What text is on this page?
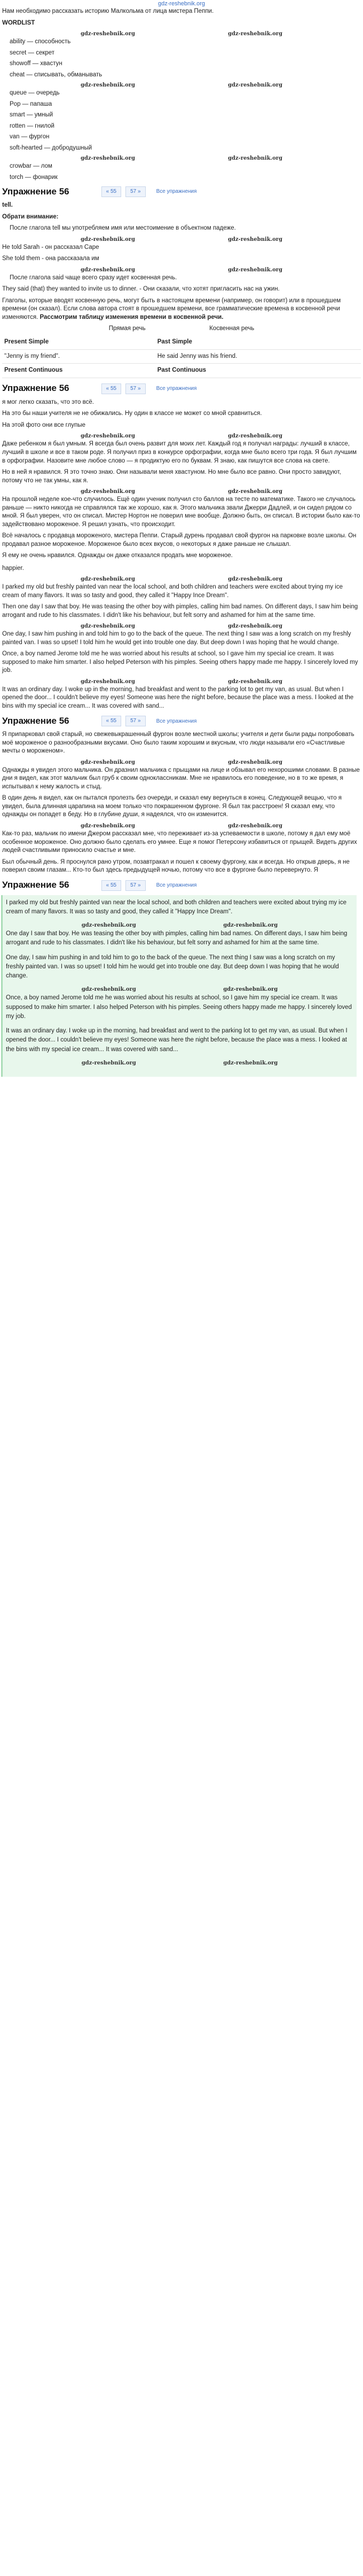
gdz-reshebnik.org
Нам необходимо рассказать историю Малкольма от лица мистера Пеппи.
WORDLIST
gdz-reshebnik.org	gdz-reshebnik.org
ability — способность
secret — секрет
showoff — хвастун
cheat — списывать, обманывать
gdz-reshebnik.org	gdz-reshebnik.org
queue — очередь
Pop — папаша
smart — умный
rotten — гнилой
van — фургон
soft-hearted — добродушный
gdz-reshebnik.org	gdz-reshebnik.org
crowbar — лом
torch — фонарик
Упражнение 56	« 55	57 »	Все упражнения
tell.
Обрати внимание:
После глагола tell мы употребляем имя или местоимение в объектном падеже.
gdz-reshebnik.org	gdz-reshebnik.org
He told Sarah - он рассказал Саре
She told them - она рассказала им
gdz-reshebnik.org	gdz-reshebnik.org
После глагола said чаще всего сразу идет косвенная речь.
They said (that) they wanted to invite us to dinner. - Они сказали, что хотят пригласить нас на ужин.
Глаголы, которые вводят косвенную речь, могут быть в настоящем времени (например, он говорит) или в прошедшем времени (он сказал). Если слова автора стоят в прошедшем времени, все грамматические времена в косвенной речи изменяются. Рассмотрим таблицу изменения времени в косвенной речи.
Прямая речь	Косвенная речь
Present Simple	Past Simple
"Jenny is my friend".	He said Jenny was his friend.
Present Continuous	Past Continuous
Упражнение 56	« 55	57 »	Все упражнения
я мог легко сказать, что это всё.
На это бы наши учителя не не обижались. Ну один в классе не может со мной сравниться.
На этой фото они все глупые
gdz-reshebnik.org	gdz-reshebnik.org
Даже ребенком я был умным. Я всегда был очень развит для моих лет. Каждый год я получал награды: лучший в классе, лучший в школе и все в таком роде. Я получил приз в конкурсе орфографии, когда мне было всего три года. Я был лучшим в орфографии. Назовите мне любое слово — я продиктую его по буквам. Я знаю, как пишутся все слова на свете.
Но в ней я нравился. Я это точно знаю. Они называли меня хвастуном. Но мне было все равно. Они просто завидуют, потому что не так умны, как я.
gdz-reshebnik.org	gdz-reshebnik.org
На прошлой неделе кое-что случилось. Ещё один ученик получил сто баллов на тесте по математике. Такого не случалось раньше — никто никогда не справлялся так же хорошо, как я. Этого мальчика звали Джерри Дадлей, и он сидел рядом со мной. Я был уверен, что он списал. Мистер Нортон не поверил мне вообще. Должно быть, он списал. В истории было как-то задействовано мороженое. Я решил узнать, что происходит.
Всё началось с продавца мороженого, мистера Пеппи. Старый дурень продавал свой фургон на парковке возле школы. Он продавал разное мороженое. Мороженое было всех вкусов, о некоторых я даже раньше не слышал.
Я ему не очень нравился. Однажды он даже отказался продать мне мороженое.
happier.
gdz-reshebnik.org	gdz-reshebnik.org
I parked my old but freshly painted van near the local school, and both children and teachers were excited about trying my ice cream of many flavors. It was so tasty and good, they called it "Happy Ince Dream".
Then one day I saw that boy. He was teasing the other boy with pimples, calling him bad names. On different days, I saw him being arrogant and rude to his classmates. I didn't like his behaviour, but felt sorry and ashamed for him at the same time.
gdz-reshebnik.org	gdz-reshebnik.org
One day, I saw him pushing in and told him to go to the back of the queue. The next thing I saw was a long scratch on my freshly painted van. I was so upset! I told him he would get into trouble one day. But deep down I was hoping that he would change.
Once, a boy named Jerome told me he was worried about his results at school, so I gave him my special ice cream. It was supposed to make him smarter. I also helped Peterson with his pimples. Seeing others happy made me happy. I sincerely loved my job.
gdz-reshebnik.org	gdz-reshebnik.org
It was an ordinary day. I woke up in the morning, had breakfast and went to the parking lot to get my van, as usual. But when I opened the door... I couldn't believe my eyes! Someone was here the night before, because the place was a mess. I looked at the bins with my special ice cream... It was covered with sand...
Упражнение 56	« 55	57 »	Все упражнения
Я припарковал свой старый, но свежевыкрашенный фургон возле местной школы; учителя и дети были рады попробовать моё мороженое о разнообразными вкусами. Оно было таким хорошим и вкусным, что люди называли его «Счастливые мечты о мороженом».
gdz-reshebnik.org	gdz-reshebnik.org
Однажды я увидел этого мальчика. Он дразнил мальчика с прыщами на лице и обзывал его нехорошими словами. В разные дни я видел, как этот мальчик был груб к своим одноклассникам. Мне не нравилось его поведение, но в то же время, я испытывал к нему жалость и стыд.
В один день я видел, как он пытался пролезть без очереди, и сказал ему вернуться в конец. Следующей вещью, что я увидел, была длинная царапина на моем только что покрашенном фургоне. Я был так расстроен! Я сказал ему, что однажды он попадет в беду. Но в глубине души, я надеялся, что он изменится.
gdz-reshebnik.org	gdz-reshebnik.org
Как-то раз, мальчик по имени Джером рассказал мне, что переживает из-за успеваемости в школе, потому я дал ему моё особенное мороженое. Оно должно было сделать его умнее. Еще я помог Петерсону избавиться от прыщей. Видеть других людей счастливыми приносило счастье и мне.
Был обычный день. Я проснулся рано утром, позавтракал и пошел к своему фургону, как и всегда. Но открыв дверь, я не поверил своим глазам... Кто-то был здесь предыдущей ночью, потому что все в фургоне было перевернуто. Я
Упражнение 56	« 55	57 »	Все упражнения
I parked my old but freshly painted van near the local school, and both children and teachers were excited about trying my ice cream of many flavors. It was so tasty and good, they called it "Happy Ince Dream".
gdz-reshebnik.org	gdz-reshebnik.org
One day I saw that boy. He was teasing the other boy with pimples, calling him bad names. On different days, I saw him being arrogant and rude to his classmates. I didn't like his behaviour, but felt sorry and ashamed for him at the same time.
One day, I saw him pushing in and told him to go to the back of the queue. The next thing I saw was a long scratch on my freshly painted van. I was so upset! I told him he would get into trouble one day. But deep down I was hoping that he would change.
gdz-reshebnik.org	gdz-reshebnik.org
Once, a boy named Jerome told me he was worried about his results at school, so I gave him my special ice cream. It was supposed to make him smarter. I also helped Peterson with his pimples. Seeing others happy made me happy. I sincerely loved my job.
It was an ordinary day. I woke up in the morning, had breakfast and went to the parking lot to get my van, as usual. But when I opened the door... I couldn't believe my eyes! Someone was here the night before, because the place was a mess. I looked at the bins with my special ice cream... It was covered with sand...
gdz-reshebnik.org	gdz-reshebnik.org
